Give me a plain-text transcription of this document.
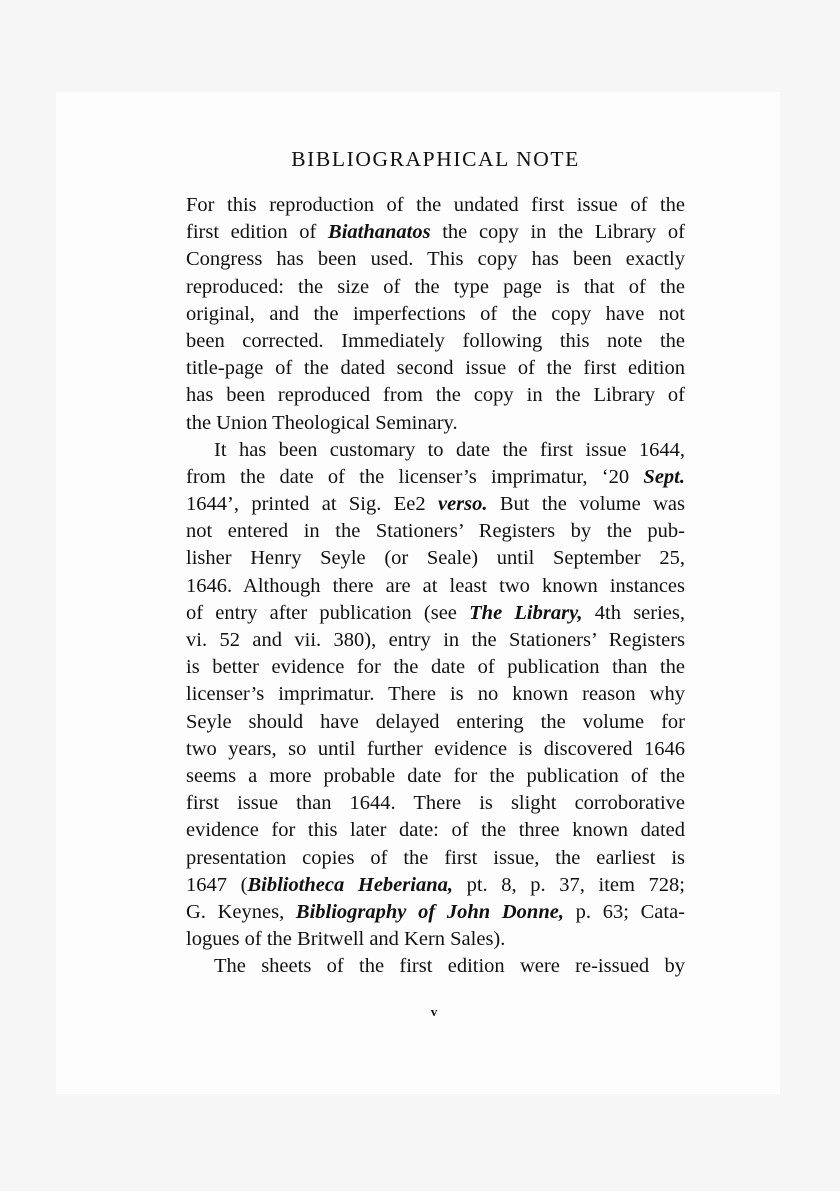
BIBLIOGRAPHICAL NOTE
For this reproduction of the undated first issue of the
first edition of Biathanatos the copy in the Library of
Congress has been used. This copy has been exactly
reproduced: the size of the type page is that of the
original, and the imperfections of the copy have not
been corrected. Immediately following this note the
title-page of the dated second issue of the first edition
has been reproduced from the copy in the Library of
the Union Theological Seminary.
It has been customary to date the first issue 1644,
from the date of the licenser’s imprimatur, ‘20 Sept.
1644’, printed at Sig. Ee2 verso. But the volume was
not entered in the Stationers’ Registers by the pub-
lisher Henry Seyle (or Seale) until September 25,
1646. Although there are at least two known instances
of entry after publication (see The Library, 4th series,
vi. 52 and vii. 380), entry in the Stationers’ Registers
is better evidence for the date of publication than the
licenser’s imprimatur. There is no known reason why
Seyle should have delayed entering the volume for
two years, so until further evidence is discovered 1646
seems a more probable date for the publication of the
first issue than 1644. There is slight corroborative
evidence for this later date: of the three known dated
presentation copies of the first issue, the earliest is
1647 (Bibliotheca Heberiana, pt. 8, p. 37, item 728;
G. Keynes, Bibliography of John Donne, p. 63; Cata-
logues of the Britwell and Kern Sales).
The sheets of the first edition were re-issued by
v
